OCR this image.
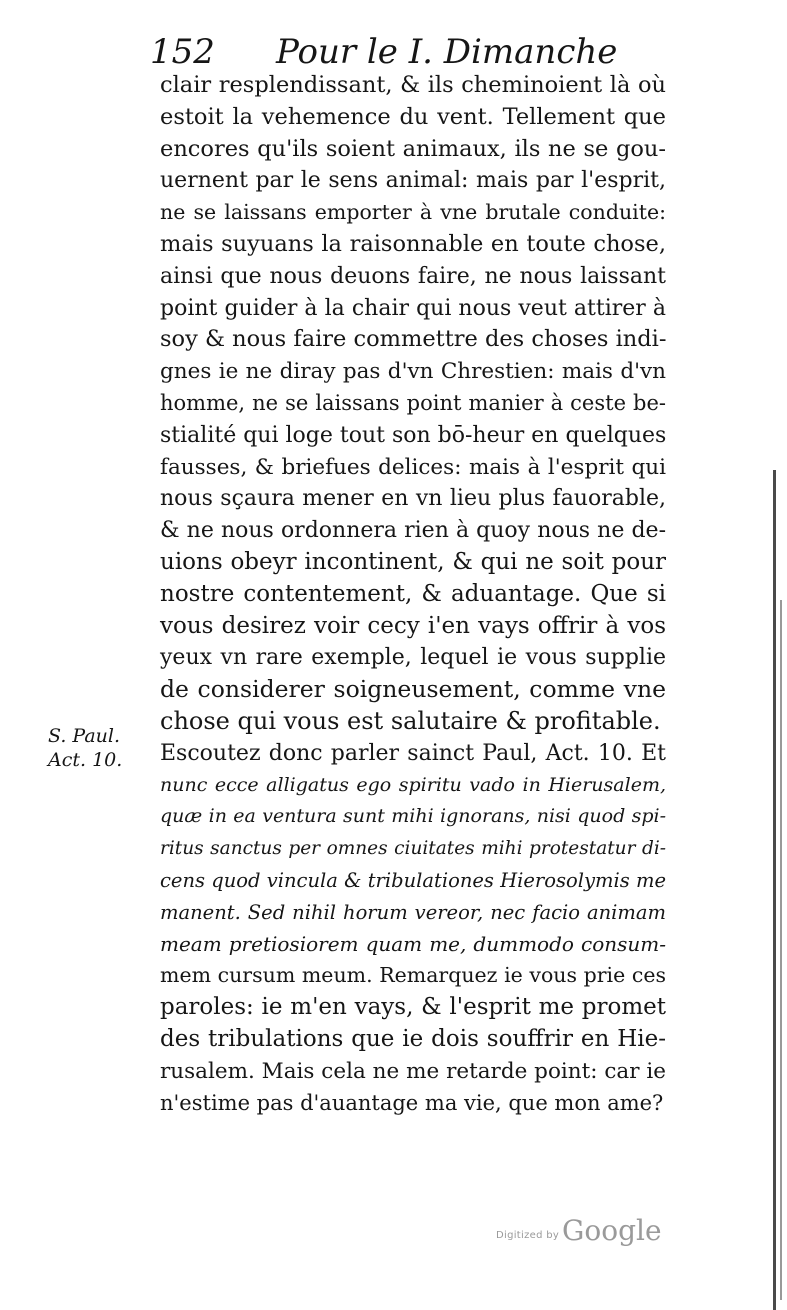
152 Pour le I. Dimanche
S. Paul.
Act. 10.
clair resplendissant, & ils cheminoient là où
estoit la vehemence du vent. Tellement que
encores qu'ils soient animaux, ils ne se gou-
uernent par le sens animal: mais par l'esprit,
ne se laissans emporter à vne brutale conduite:
mais suyuans la raisonnable en toute chose,
ainsi que nous deuons faire, ne nous laissant
point guider à la chair qui nous veut attirer à
soy & nous faire commettre des choses indi-
gnes ie ne diray pas d'vn Chrestien: mais d'vn
homme, ne se laissans point manier à ceste be-
stialité qui loge tout son bō-heur en quelques
fausses, & briefues delices: mais à l'esprit qui
nous sçaura mener en vn lieu plus fauorable,
& ne nous ordonnera rien à quoy nous ne de-
uions obeyr incontinent, & qui ne soit pour
nostre contentement, & aduantage. Que si
vous desirez voir cecy i'en vays offrir à vos
yeux vn rare exemple, lequel ie vous supplie
de considerer soigneusement, comme vne
chose qui vous est salutaire & profitable.
Escoutez donc parler sainct Paul, Act. 10. Et
nunc ecce alligatus ego spiritu vado in Hierusalem,
quæ in ea ventura sunt mihi ignorans, nisi quod spi-
ritus sanctus per omnes ciuitates mihi protestatur di-
cens quod vincula & tribulationes Hierosolymis me
manent. Sed nihil horum vereor, nec facio animam
meam pretiosiorem quam me, dummodo consum-
mem cursum meum. Remarquez ie vous prie ces
paroles: ie m'en vays, & l'esprit me promet
des tribulations que ie dois souffrir en Hie-
rusalem. Mais cela ne me retarde point: car ie
n'estime pas d'auantage ma vie, que mon ame?
Digitized by Google
